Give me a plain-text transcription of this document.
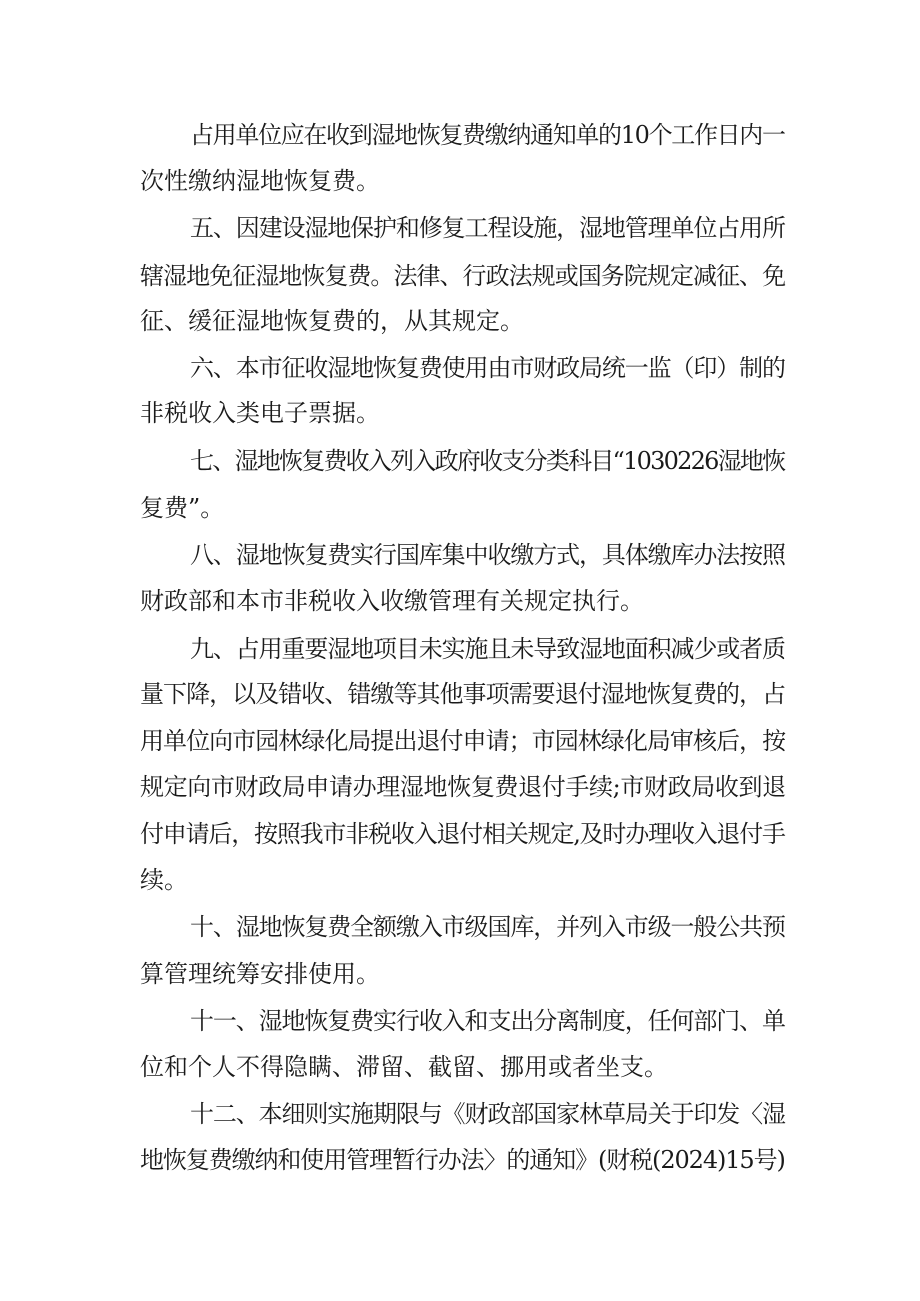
占用单位应在收到湿地恢复费缴纳通知单的10个工作日内一
次性缴纳湿地恢复费。
五、因建设湿地保护和修复工程设施，湿地管理单位占用所
辖湿地免征湿地恢复费。法律、行政法规或国务院规定减征、免
征、缓征湿地恢复费的，从其规定。
六、本市征收湿地恢复费使用由市财政局统一监（印）制的
非税收入类电子票据。
七、湿地恢复费收入列入政府收支分类科目“1030226湿地恢
复费”。
八、湿地恢复费实行国库集中收缴方式，具体缴库办法按照
财政部和本市非税收入收缴管理有关规定执行。
九、占用重要湿地项目未实施且未导致湿地面积减少或者质
量下降，以及错收、错缴等其他事项需要退付湿地恢复费的，占
用单位向市园林绿化局提出退付申请；市园林绿化局审核后，按
规定向市财政局申请办理湿地恢复费退付手续;市财政局收到退
付申请后，按照我市非税收入退付相关规定,及时办理收入退付手
续。
十、湿地恢复费全额缴入市级国库，并列入市级一般公共预
算管理统筹安排使用。
十一、湿地恢复费实行收入和支出分离制度，任何部门、单
位和个人不得隐瞒、滞留、截留、挪用或者坐支。
十二、本细则实施期限与《财政部国家林草局关于印发〈湿
地恢复费缴纳和使用管理暂行办法〉的通知》(财税(2024)15号)
